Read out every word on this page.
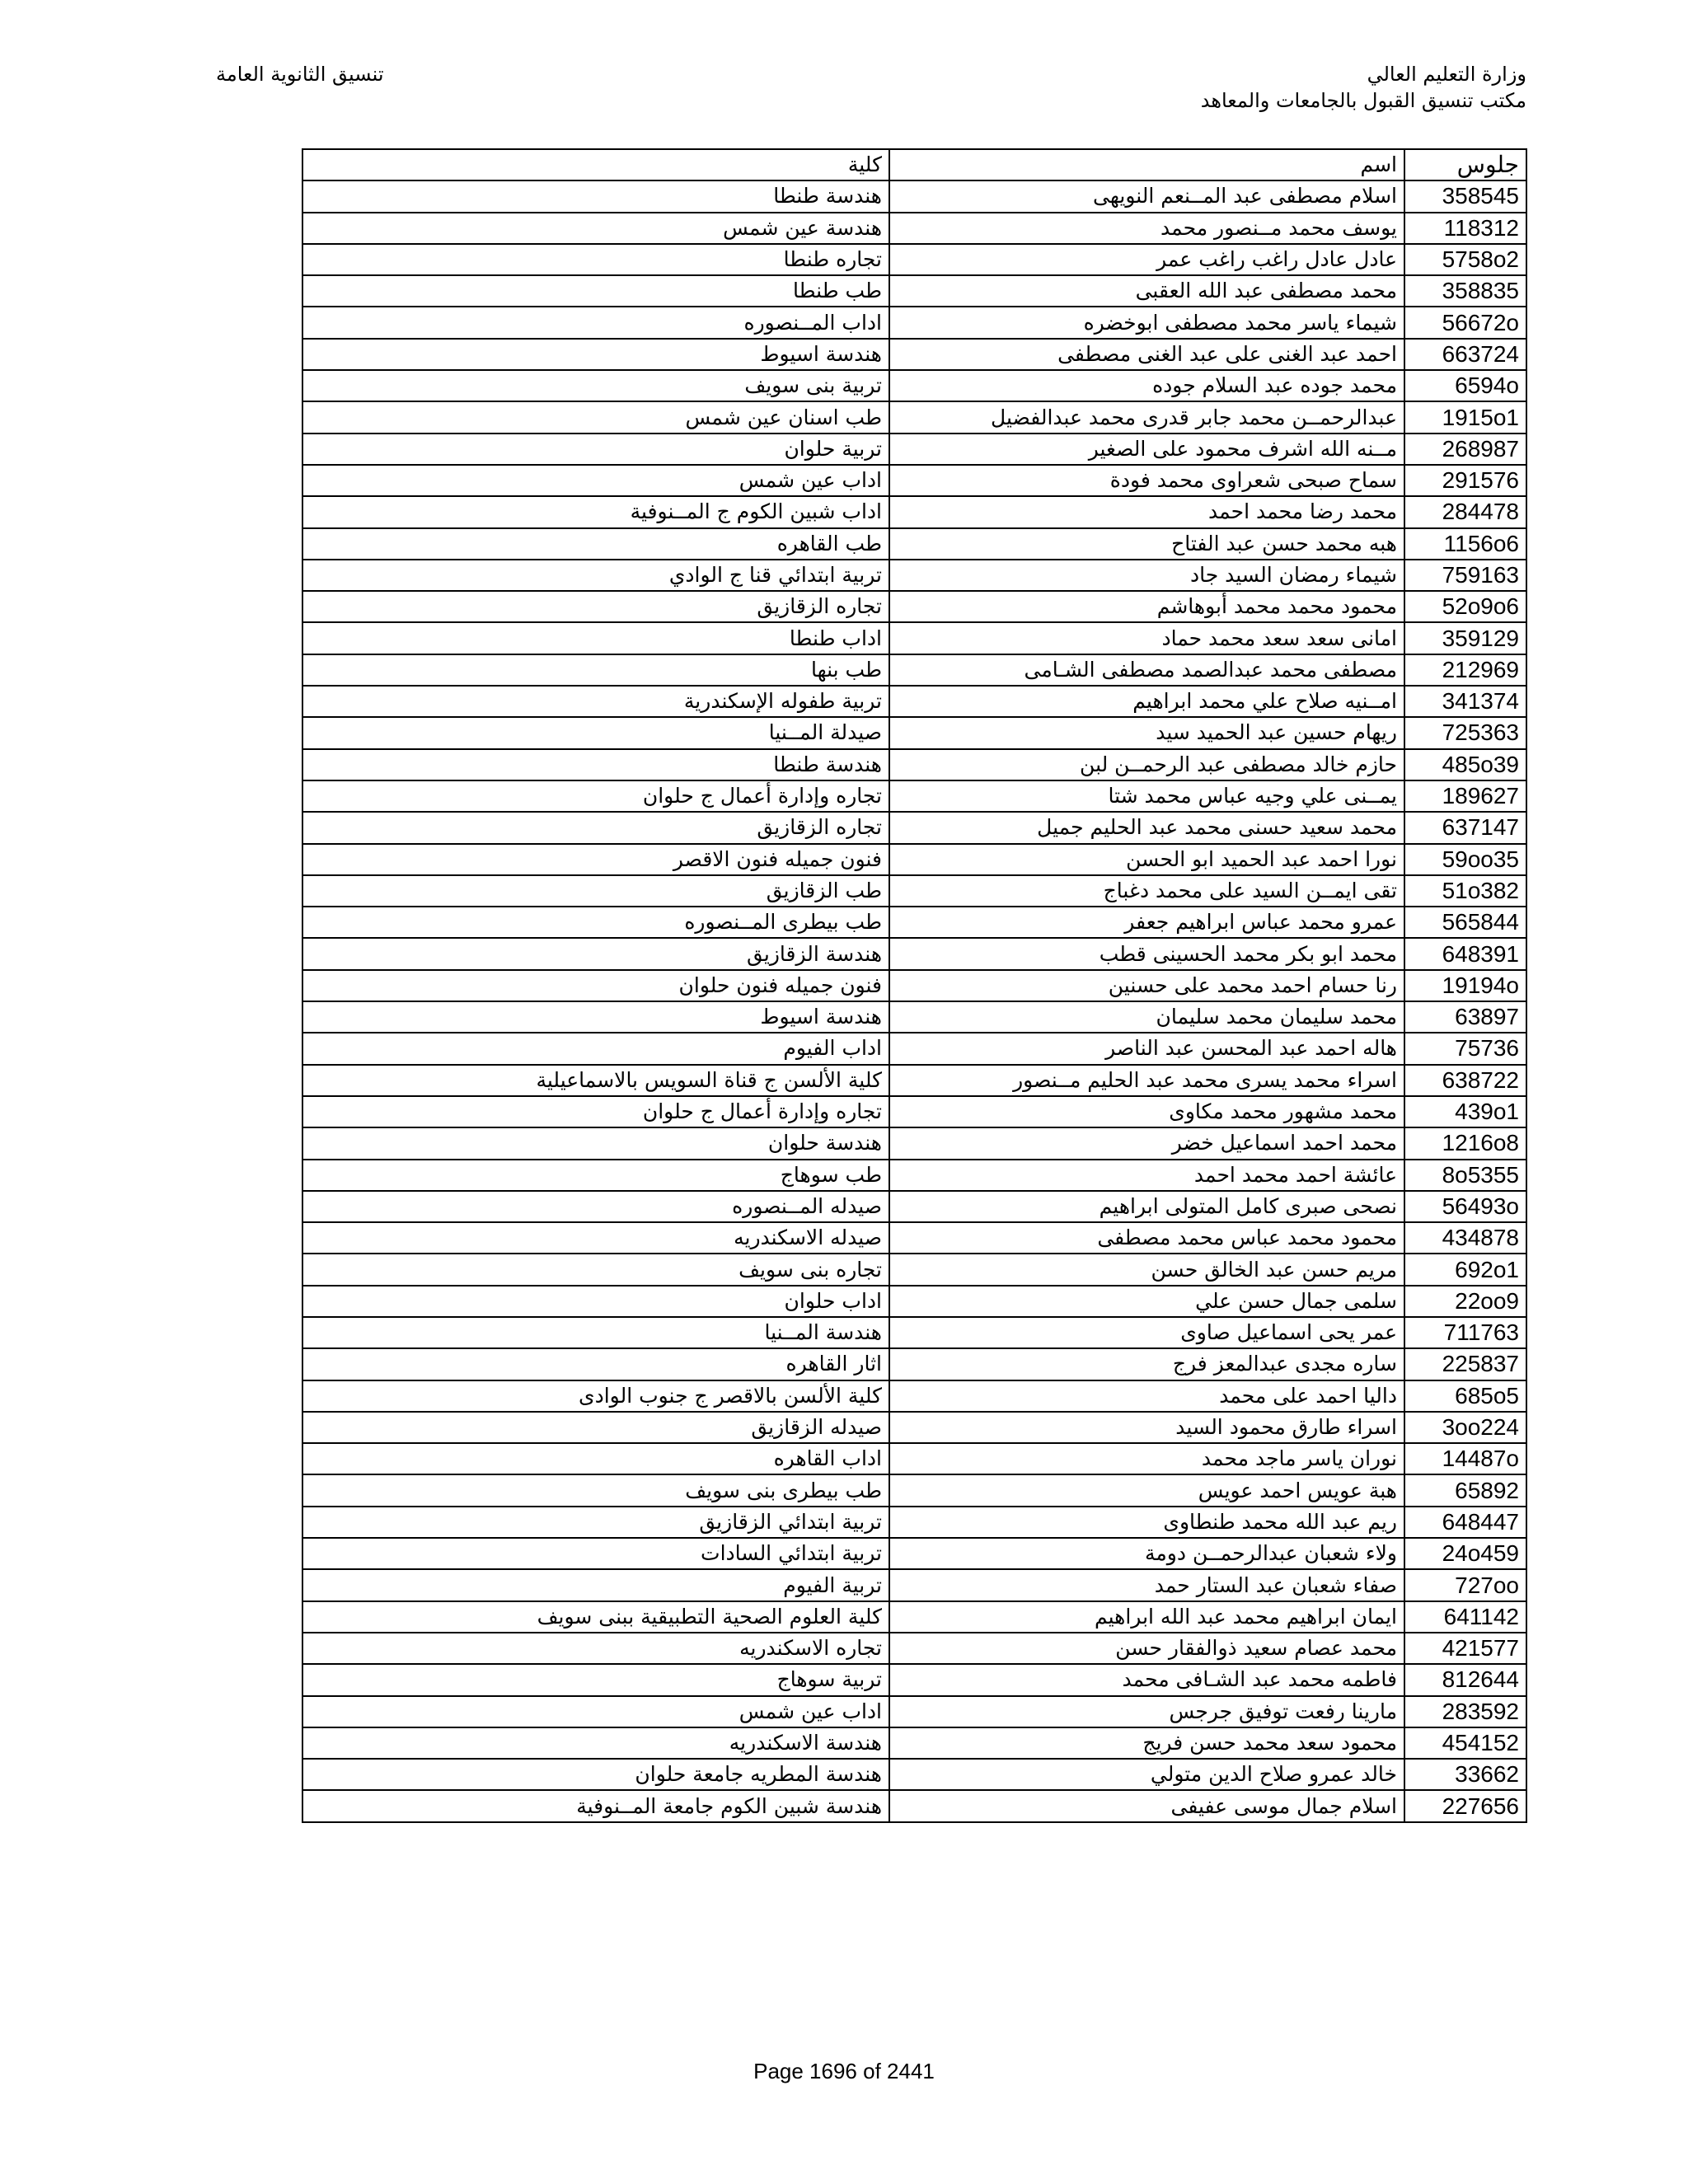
وزارة التعليم العالي
مكتب تنسيق القبول بالجامعات والمعاهد
تنسيق الثانوية العامة
جلوس	اسم	كلية
358545	اسلام مصطفى عبد المــنعم النويهى	هندسة طنطا
118312	يوسف محمد مــنصور محمد	هندسة عين شمس
5758o2	عادل عادل راغب راغب عمر	تجاره طنطا
358835	محمد مصطفى عبد الله العقبى	طب طنطا
56672o	شيماء ياسر محمد مصطفى ابوخضره	اداب المــنصوره
663724	احمد عبد الغنى على عبد الغنى مصطفى	هندسة اسيوط
6594o	محمد جوده عبد السلام جوده	تربية بنى سويف
1915o1	عبدالرحمــن محمد جابر قدرى محمد عبدالفضيل	طب اسنان عين شمس
268987	مــنه الله اشرف محمود على الصغير	تربية حلوان
291576	سماح صبحى شعراوى محمد فودة	اداب عين شمس
284478	محمد رضا محمد احمد	اداب شبين الكوم ج المــنوفية
1156o6	هبه محمد حسن عبد الفتاح	طب القاهره
759163	شيماء رمضان السيد جاد	تربية ابتدائي قنا ج الوادي
52o9o6	محمود محمد محمد أبوهاشم	تجاره الزقازيق
359129	امانى سعد سعد محمد حماد	اداب طنطا
212969	مصطفى محمد عبدالصمد مصطفى الشـامى	طب بنها
341374	امــنيه صلاح علي محمد ابراهيم	تربية طفوله الإسكندرية
725363	ريهام حسين عبد الحميد سيد	صيدلة المــنيا
485o39	حازم خالد مصطفى عبد الرحمــن لبن	هندسة طنطا
189627	يمــنى علي وجيه عباس محمد شتا	تجاره وإدارة أعمال ج حلوان
637147	محمد سعيد حسنى محمد عبد الحليم جميل	تجاره الزقازيق
59oo35	نورا احمد عبد الحميد ابو الحسن	فنون جميله فنون الاقصر
51o382	تقى ايمــن السيد على محمد دغباج	طب الزقازيق
565844	عمرو محمد عباس ابراهيم جعفر	طب بيطرى المــنصوره
648391	محمد ابو بكر محمد الحسينى قطب	هندسة الزقازيق
19194o	رنا حسام احمد محمد على حسنين	فنون جميله فنون حلوان
63897	محمد سليمان محمد سليمان	هندسة اسيوط
75736	هاله احمد عبد المحسن عبد الناصر	اداب الفيوم
638722	اسراء محمد يسرى محمد عبد الحليم مــنصور	كلية الألسن ج قناة السويس بالاسماعيلية
439o1	محمد مشهور محمد مكاوى	تجاره وإدارة أعمال ج حلوان
1216o8	محمد احمد اسماعيل خضر	هندسة حلوان
8o5355	عائشة احمد محمد احمد	طب سوهاج
56493o	نصحى صبرى كامل المتولى ابراهيم	صيدله المــنصوره
434878	محمود محمد عباس محمد مصطفى	صيدله الاسكندريه
692o1	مريم حسن عبد الخالق حسن	تجاره بنى سويف
22oo9	سلمى جمال حسن علي	اداب حلوان
711763	عمر يحى اسماعيل صاوى	هندسة المــنيا
225837	ساره مجدى عبدالمعز فرج	اثار القاهره
685o5	داليا احمد على محمد	كلية الألسن بالاقصر ج جنوب الوادى
3oo224	اسراء طارق محمود السيد	صيدله الزقازيق
14487o	نوران ياسر ماجد محمد	اداب القاهره
65892	هبة عويس احمد عويس	طب بيطرى بنى سويف
648447	ريم عبد الله محمد طنطاوى	تربية ابتدائي الزقازيق
24o459	ولاء شعبان عبدالرحمــن دومة	تربية ابتدائي السادات
727oo	صفاء شعبان عبد الستار حمد	تربية الفيوم
641142	ايمان ابراهيم محمد عبد الله ابراهيم	كلية العلوم الصحية التطبيقية ببنى سويف
421577	محمد عصام سعيد ذوالفقار حسن	تجاره الاسكندريه
812644	فاطمه محمد عبد الشـافى محمد	تربية سوهاج
283592	مارينا رفعت توفيق جرجس	اداب عين شمس
454152	محمود سعد محمد حسن فريج	هندسة الاسكندريه
33662	خالد عمرو صلاح الدين متولي	هندسة المطريه جامعة حلوان
227656	اسلام جمال موسى عفيفى	هندسة شبين الكوم جامعة المــنوفية
Page 1696 of 2441
